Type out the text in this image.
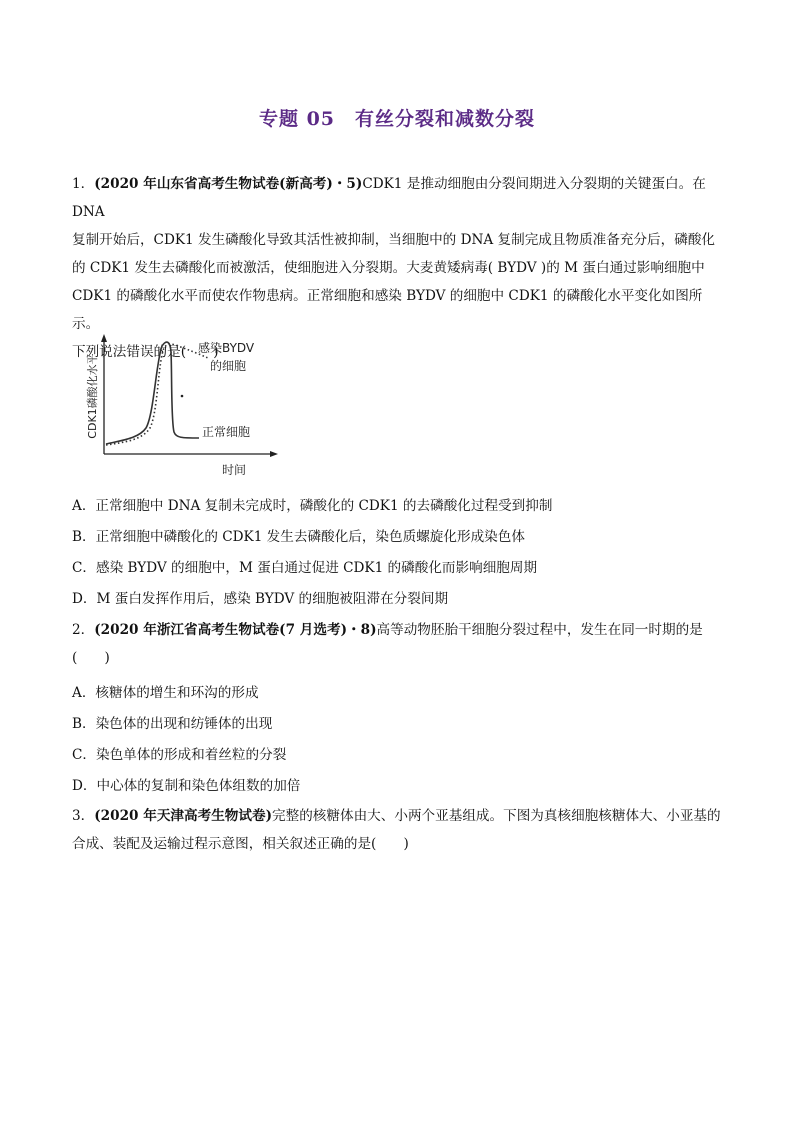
专题 05　有丝分裂和减数分裂
1．(2020 年山东省高考生物试卷(新高考)・5)CDK1 是推动细胞由分裂间期进入分裂期的关键蛋白。在 DNA
复制开始后，CDK1 发生磷酸化导致其活性被抑制，当细胞中的 DNA 复制完成且物质准备充分后，磷酸化
的 CDK1 发生去磷酸化而被激活，使细胞进入分裂期。大麦黄矮病毒( BYDV )的 M 蛋白通过影响细胞中
CDK1 的磷酸化水平而使农作物患病。正常细胞和感染 BYDV 的细胞中 CDK1 的磷酸化水平变化如图所示。
下列说法错误的是(　　)
CDK1磷酸化水平
时间
感染BYDV
的细胞
正常细胞
A．正常细胞中 DNA 复制未完成时，磷酸化的 CDK1 的去磷酸化过程受到抑制
B．正常细胞中磷酸化的 CDK1 发生去磷酸化后，染色质螺旋化形成染色体
C．感染 BYDV 的细胞中，M 蛋白通过促进 CDK1 的磷酸化而影响细胞周期
D．M 蛋白发挥作用后，感染 BYDV 的细胞被阻滞在分裂间期
2．(2020 年浙江省高考生物试卷(7 月选考)・8)高等动物胚胎干细胞分裂过程中，发生在同一时期的是
(　　)
A．核糖体的增生和环沟的形成
B．染色体的出现和纺锤体的出现
C．染色单体的形成和着丝粒的分裂
D．中心体的复制和染色体组数的加倍
3．(2020 年天津高考生物试卷)完整的核糖体由大、小两个亚基组成。下图为真核细胞核糖体大、小亚基的
合成、装配及运输过程示意图，相关叙述正确的是(　　)
